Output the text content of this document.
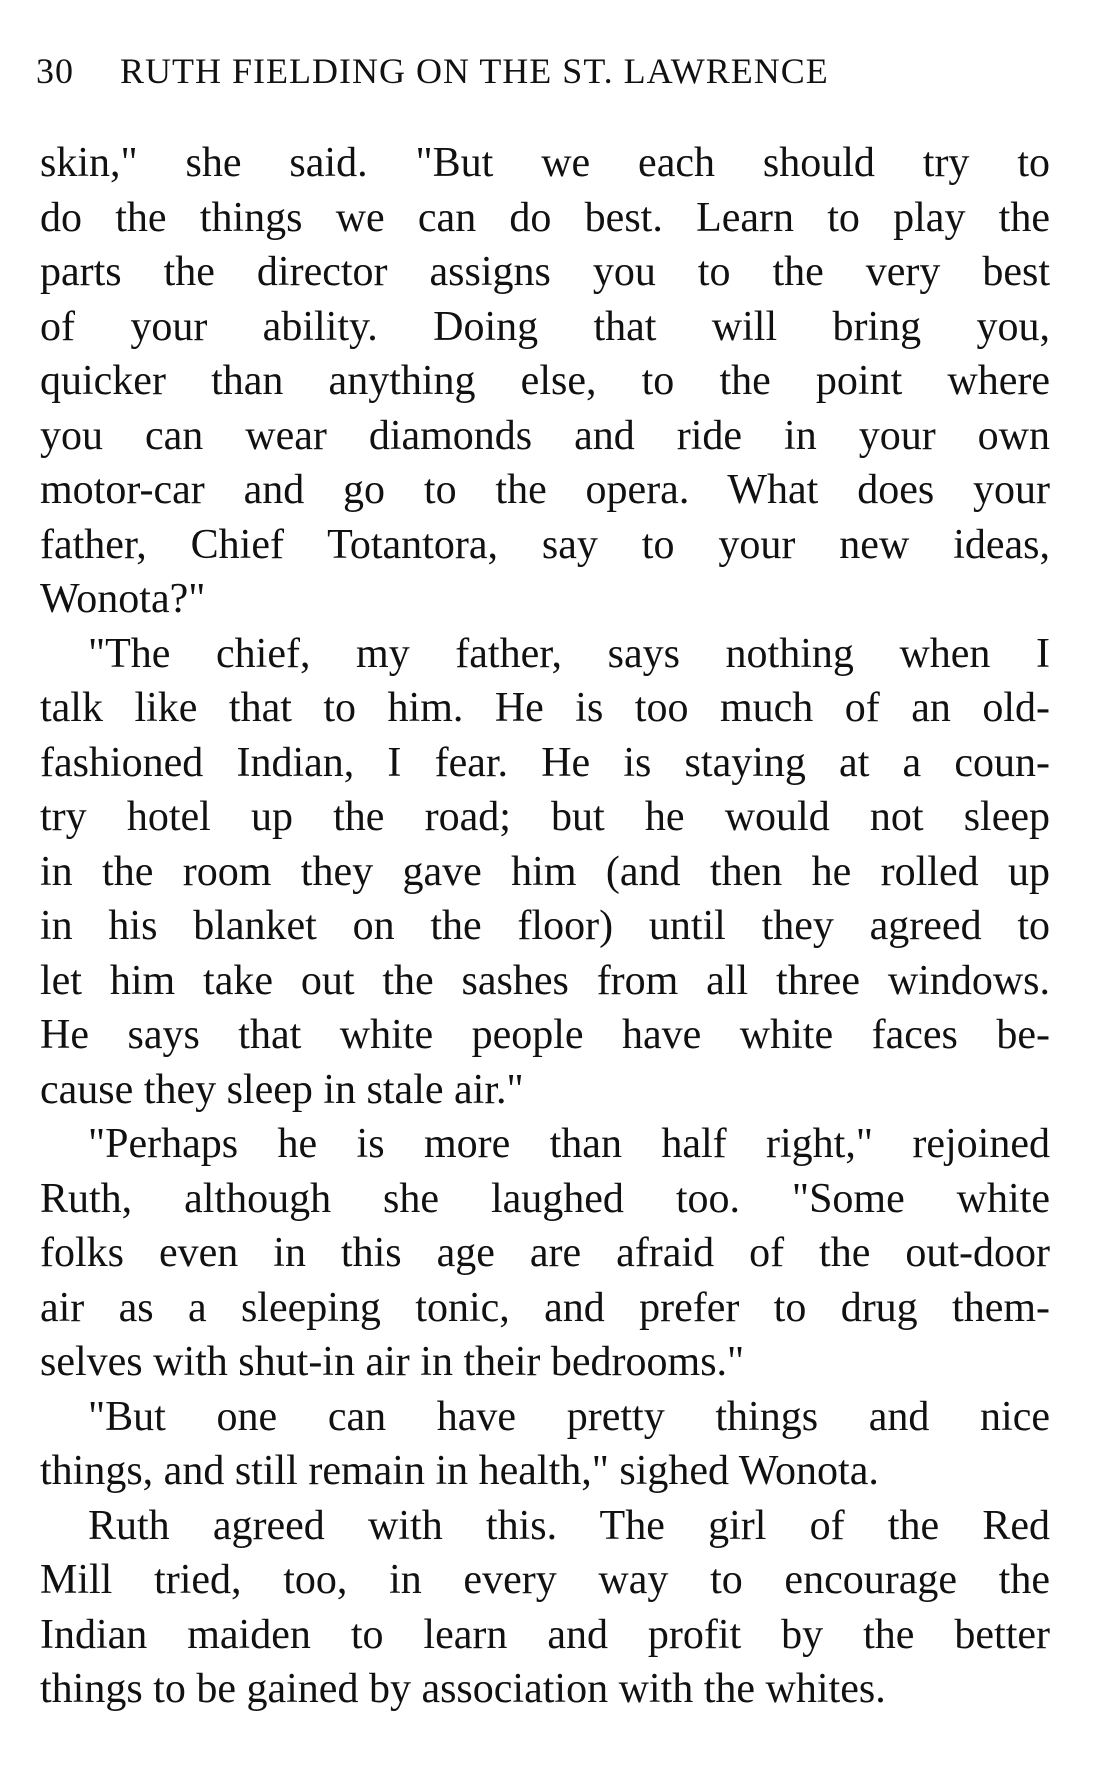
30 RUTH FIELDING ON THE ST. LAWRENCE
skin," she said. "But we each should try to
do the things we can do best. Learn to play the
parts the director assigns you to the very best
of your ability. Doing that will bring you,
quicker than anything else, to the point where
you can wear diamonds and ride in your own
motor-car and go to the opera. What does your
father, Chief Totantora, say to your new ideas,
Wonota?"
"The chief, my father, says nothing when I
talk like that to him. He is too much of an old-
fashioned Indian, I fear. He is staying at a coun-
try hotel up the road; but he would not sleep
in the room they gave him (and then he rolled up
in his blanket on the floor) until they agreed to
let him take out the sashes from all three windows.
He says that white people have white faces be-
cause they sleep in stale air."
"Perhaps he is more than half right," rejoined
Ruth, although she laughed too. "Some white
folks even in this age are afraid of the out-door
air as a sleeping tonic, and prefer to drug them-
selves with shut-in air in their bedrooms."
"But one can have pretty things and nice
things, and still remain in health," sighed Wonota.
Ruth agreed with this. The girl of the Red
Mill tried, too, in every way to encourage the
Indian maiden to learn and profit by the better
things to be gained by association with the whites.
